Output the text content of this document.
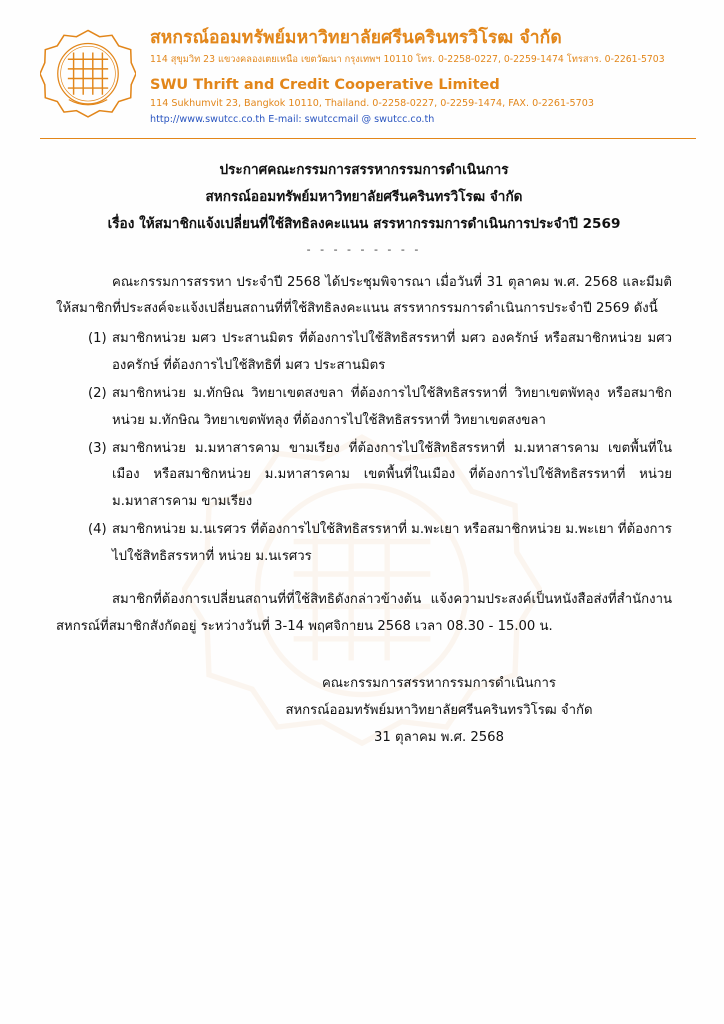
สหกรณ์ออมทรัพย์มหาวิทยาลัยศรีนครินทรวิโรฒ จำกัด
114 สุขุมวิท 23 แขวงคลองเตยเหนือ เขตวัฒนา กรุงเทพฯ 10110 โทร. 0-2258-0227, 0-2259-1474 โทรสาร. 0-2261-5703
SWU Thrift and Credit Cooperative Limited
114 Sukhumvit 23, Bangkok 10110, Thailand. 0-2258-0227, 0-2259-1474, FAX. 0-2261-5703
http://www.swutcc.co.th E-mail: swutccmail @ swutcc.co.th
ประกาศคณะกรรมการสรรหากรรมการดำเนินการ
สหกรณ์ออมทรัพย์มหาวิทยาลัยศรีนครินทรวิโรฒ จำกัด
เรื่อง ให้สมาชิกแจ้งเปลี่ยนที่ใช้สิทธิลงคะแนน สรรหากรรมการดำเนินการประจำปี 2569
- - - - - - - - -
คณะกรรมการสรรหา ประจำปี 2568 ได้ประชุมพิจารณา เมื่อวันที่ 31 ตุลาคม พ.ศ. 2568 และมีมติ ให้สมาชิกที่ประสงค์จะแจ้งเปลี่ยนสถานที่ที่ใช้สิทธิลงคะแนน สรรหากรรมการดำเนินการประจำปี 2569 ดังนี้
(1) สมาชิกหน่วย มศว ประสานมิตร ที่ต้องการไปใช้สิทธิสรรหาที่ มศว องครักษ์ หรือสมาชิกหน่วย มศว องครักษ์ ที่ต้องการไปใช้สิทธิที่ มศว ประสานมิตร
(2) สมาชิกหน่วย ม.ทักษิณ วิทยาเขตสงขลา ที่ต้องการไปใช้สิทธิสรรหาที่ วิทยาเขตพัทลุง หรือสมาชิกหน่วย ม.ทักษิณ วิทยาเขตพัทลุง ที่ต้องการไปใช้สิทธิสรรหาที่ วิทยาเขตสงขลา
(3) สมาชิกหน่วย ม.มหาสารคาม ขามเรียง ที่ต้องการไปใช้สิทธิสรรหาที่ ม.มหาสารคาม เขตพื้นที่ในเมือง หรือสมาชิกหน่วย ม.มหาสารคาม เขตพื้นที่ในเมือง ที่ต้องการไปใช้สิทธิสรรหาที่ หน่วย ม.มหาสารคาม ขามเรียง
(4) สมาชิกหน่วย ม.นเรศวร ที่ต้องการไปใช้สิทธิสรรหาที่ ม.พะเยา หรือสมาชิกหน่วย ม.พะเยา ที่ต้องการไปใช้สิทธิสรรหาที่ หน่วย ม.นเรศวร
สมาชิกที่ต้องการเปลี่ยนสถานที่ที่ใช้สิทธิดังกล่าวข้างต้น แจ้งความประสงค์เป็นหนังสือส่งที่สำนักงานสหกรณ์ที่สมาชิกสังกัดอยู่ ระหว่างวันที่ 3-14 พฤศจิกายน 2568 เวลา 08.30 - 15.00 น.
คณะกรรมการสรรหากรรมการดำเนินการ
สหกรณ์ออมทรัพย์มหาวิทยาลัยศรีนครินทรวิโรฒ จำกัด
31 ตุลาคม พ.ศ. 2568
